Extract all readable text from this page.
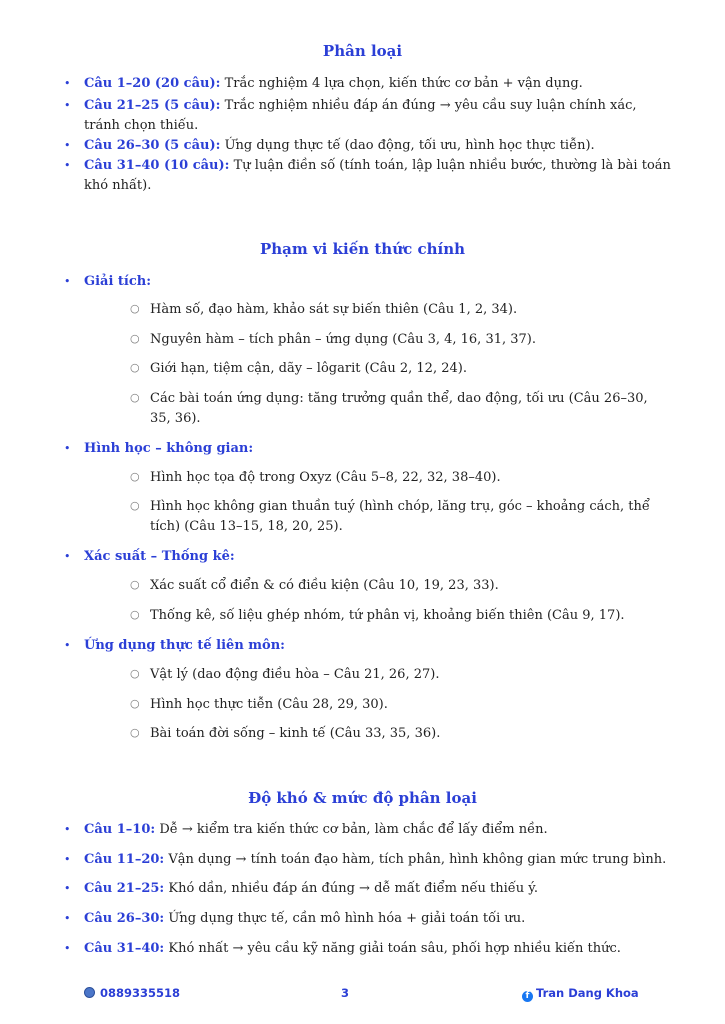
Phân loại
• Câu 1–20 (20 câu): Trắc nghiệm 4 lựa chọn, kiến thức cơ bản + vận dụng.
• Câu 21–25 (5 câu): Trắc nghiệm nhiều đáp án đúng → yêu cầu suy luận chính xác, tránh chọn thiếu.
• Câu 26–30 (5 câu): Ứng dụng thực tế (dao động, tối ưu, hình học thực tiễn).
• Câu 31–40 (10 câu): Tự luận điền số (tính toán, lập luận nhiều bước, thường là bài toán khó nhất).
Phạm vi kiến thức chính
• Giải tích:
○ Hàm số, đạo hàm, khảo sát sự biến thiên (Câu 1, 2, 34).
○ Nguyên hàm – tích phân – ứng dụng (Câu 3, 4, 16, 31, 37).
○ Giới hạn, tiệm cận, dãy – lôgarit (Câu 2, 12, 24).
○ Các bài toán ứng dụng: tăng trưởng quần thể, dao động, tối ưu (Câu 26–30, 35, 36).
• Hình học – không gian:
○ Hình học tọa độ trong Oxyz (Câu 5–8, 22, 32, 38–40).
○ Hình học không gian thuần tuý (hình chóp, lăng trụ, góc – khoảng cách, thể tích) (Câu 13–15, 18, 20, 25).
• Xác suất – Thống kê:
○ Xác suất cổ điển & có điều kiện (Câu 10, 19, 23, 33).
○ Thống kê, số liệu ghép nhóm, tứ phân vị, khoảng biến thiên (Câu 9, 17).
• Ứng dụng thực tế liên môn:
○ Vật lý (dao động điều hòa – Câu 21, 26, 27).
○ Hình học thực tiễn (Câu 28, 29, 30).
○ Bài toán đời sống – kinh tế (Câu 33, 35, 36).
Độ khó & mức độ phân loại
• Câu 1–10: Dễ → kiểm tra kiến thức cơ bản, làm chắc để lấy điểm nền.
• Câu 11–20: Vận dụng → tính toán đạo hàm, tích phân, hình không gian mức trung bình.
• Câu 21–25: Khó dần, nhiều đáp án đúng → dễ mất điểm nếu thiếu ý.
• Câu 26–30: Ứng dụng thực tế, cần mô hình hóa + giải toán tối ưu.
• Câu 31–40: Khó nhất → yêu cầu kỹ năng giải toán sâu, phối hợp nhiều kiến thức.
0889335518	3	f Tran Dang Khoa
